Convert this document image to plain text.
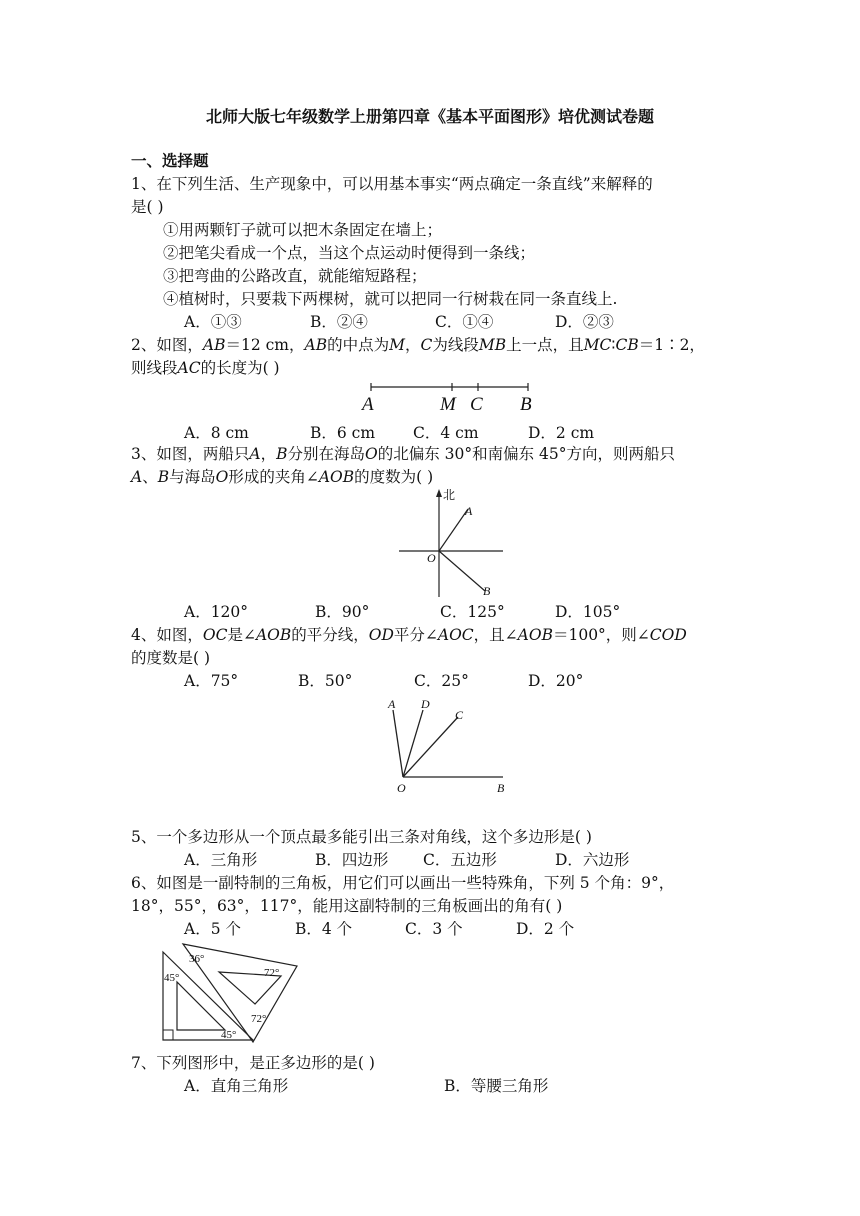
北师大版七年级数学上册第四章《基本平面图形》培优测试卷题
一、选择题
1、在下列生活、生产现象中，可以用基本事实“两点确定一条直线”来解释的
是( )
①用两颗钉子就可以把木条固定在墙上；
②把笔尖看成一个点，当这个点运动时便得到一条线；
③把弯曲的公路改直，就能缩短路程；
④植树时，只要栽下两棵树，就可以把同一行树栽在同一条直线上.
A．①③	B．②④	C．①④	D．②③
2、如图，AB＝12 cm，AB的中点为M，C为线段MB上一点，且MC∶CB＝1∶2，
则线段AC的长度为( )
A	M C B
A．8 cm	B．6 cm C．4 cm	D．2 cm
3、如图，两船只A，B分别在海岛O的北偏东 30°和南偏东 45°方向，则两船只
A、B与海岛O形成的夹角∠AOB的度数为( )
北
A
O
B
A．120°	B．90°	C．125°	D．105°
4、如图，OC是∠AOB的平分线，OD平分∠AOC，且∠AOB＝100°，则∠COD
的度数是( )
A．75°	B．50°	C．25°	D．20°
A D
C
O	B
5、一个多边形从一个顶点最多能引出三条对角线，这个多边形是( )
A．三角形	B．四边形 C．五边形	D．六边形
6、如图是一副特制的三角板，用它们可以画出一些特殊角，下列 5 个角：9°，
18°，55°，63°，117°，能用这副特制的三角板画出的角有( )
A．5 个	B．4 个	C．3 个	D．2 个
36°
72°
45°
45°
72°
7、下列图形中，是正多边形的是( )
A．直角三角形	B．等腰三角形
